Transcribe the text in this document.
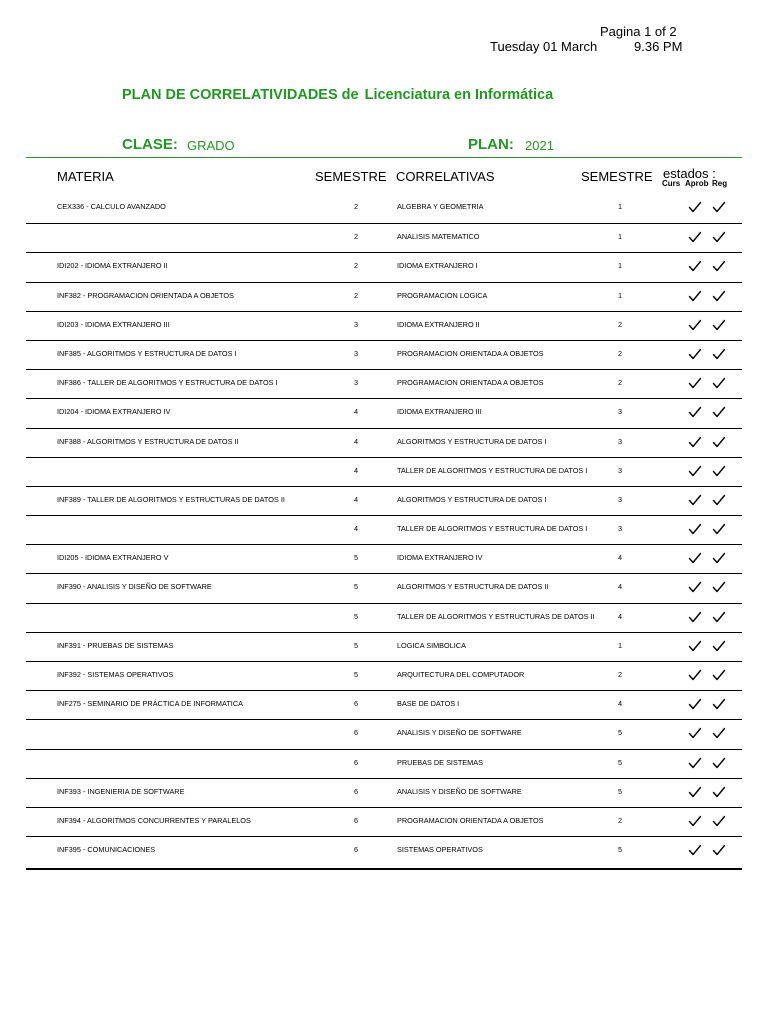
Pagina 1 of 2
Tuesday 01 March	9.36 PM
PLAN DE CORRELATIVIDADES de Licenciatura en Informática
CLASE: GRADO	PLAN: 2021
MATERIA	SEMESTRE CORRELATIVAS	SEMESTRE estados :
Curs Aprob Reg
CEX336 - CALCULO AVANZADO	2	ALGEBRA Y GEOMETRIA	1
2	ANALISIS MATEMATICO	1
IDI202 - IDIOMA EXTRANJERO II	2	IDIOMA EXTRANJERO I	1
INF382 - PROGRAMACION ORIENTADA A OBJETOS	2	PROGRAMACION LOGICA	1
IDI203 - IDIOMA EXTRANJERO III	3	IDIOMA EXTRANJERO II	2
INF385 - ALGORITMOS Y ESTRUCTURA DE DATOS I	3	PROGRAMACION ORIENTADA A OBJETOS	2
INF386 - TALLER DE ALGORITMOS Y ESTRUCTURA DE DATOS I	3	PROGRAMACION ORIENTADA A OBJETOS	2
IDI204 - IDIOMA EXTRANJERO IV	4	IDIOMA EXTRANJERO III	3
INF388 - ALGORITMOS Y ESTRUCTURA DE DATOS II	4	ALGORITMOS Y ESTRUCTURA DE DATOS I	3
4	TALLER DE ALGORITMOS Y ESTRUCTURA DE DATOS I	3
INF389 - TALLER DE ALGORITMOS Y ESTRUCTURAS DE DATOS II	4	ALGORITMOS Y ESTRUCTURA DE DATOS I	3
4	TALLER DE ALGORITMOS Y ESTRUCTURA DE DATOS I	3
IDI205 - IDIOMA EXTRANJERO V	5	IDIOMA EXTRANJERO IV	4
INF390 - ANALISIS Y DISEÑO DE SOFTWARE	5	ALGORITMOS Y ESTRUCTURA DE DATOS II	4
5	TALLER DE ALGORITMOS Y ESTRUCTURAS DE DATOS II	4
INF391 - PRUEBAS DE SISTEMAS	5	LOGICA SIMBOLICA	1
INF392 - SISTEMAS OPERATIVOS	5	ARQUITECTURA DEL COMPUTADOR	2
INF275 - SEMINARIO DE PRÁCTICA DE INFORMATICA	6	BASE DE DATOS I	4
6	ANALISIS Y DISEÑO DE SOFTWARE	5
6	PRUEBAS DE SISTEMAS	5
INF393 - INGENIERIA DE SOFTWARE	6	ANALISIS Y DISEÑO DE SOFTWARE	5
INF394 - ALGORITMOS CONCURRENTES Y PARALELOS	6	PROGRAMACION ORIENTADA A OBJETOS	2
INF395 - COMUNICACIONES	6	SISTEMAS OPERATIVOS	5
